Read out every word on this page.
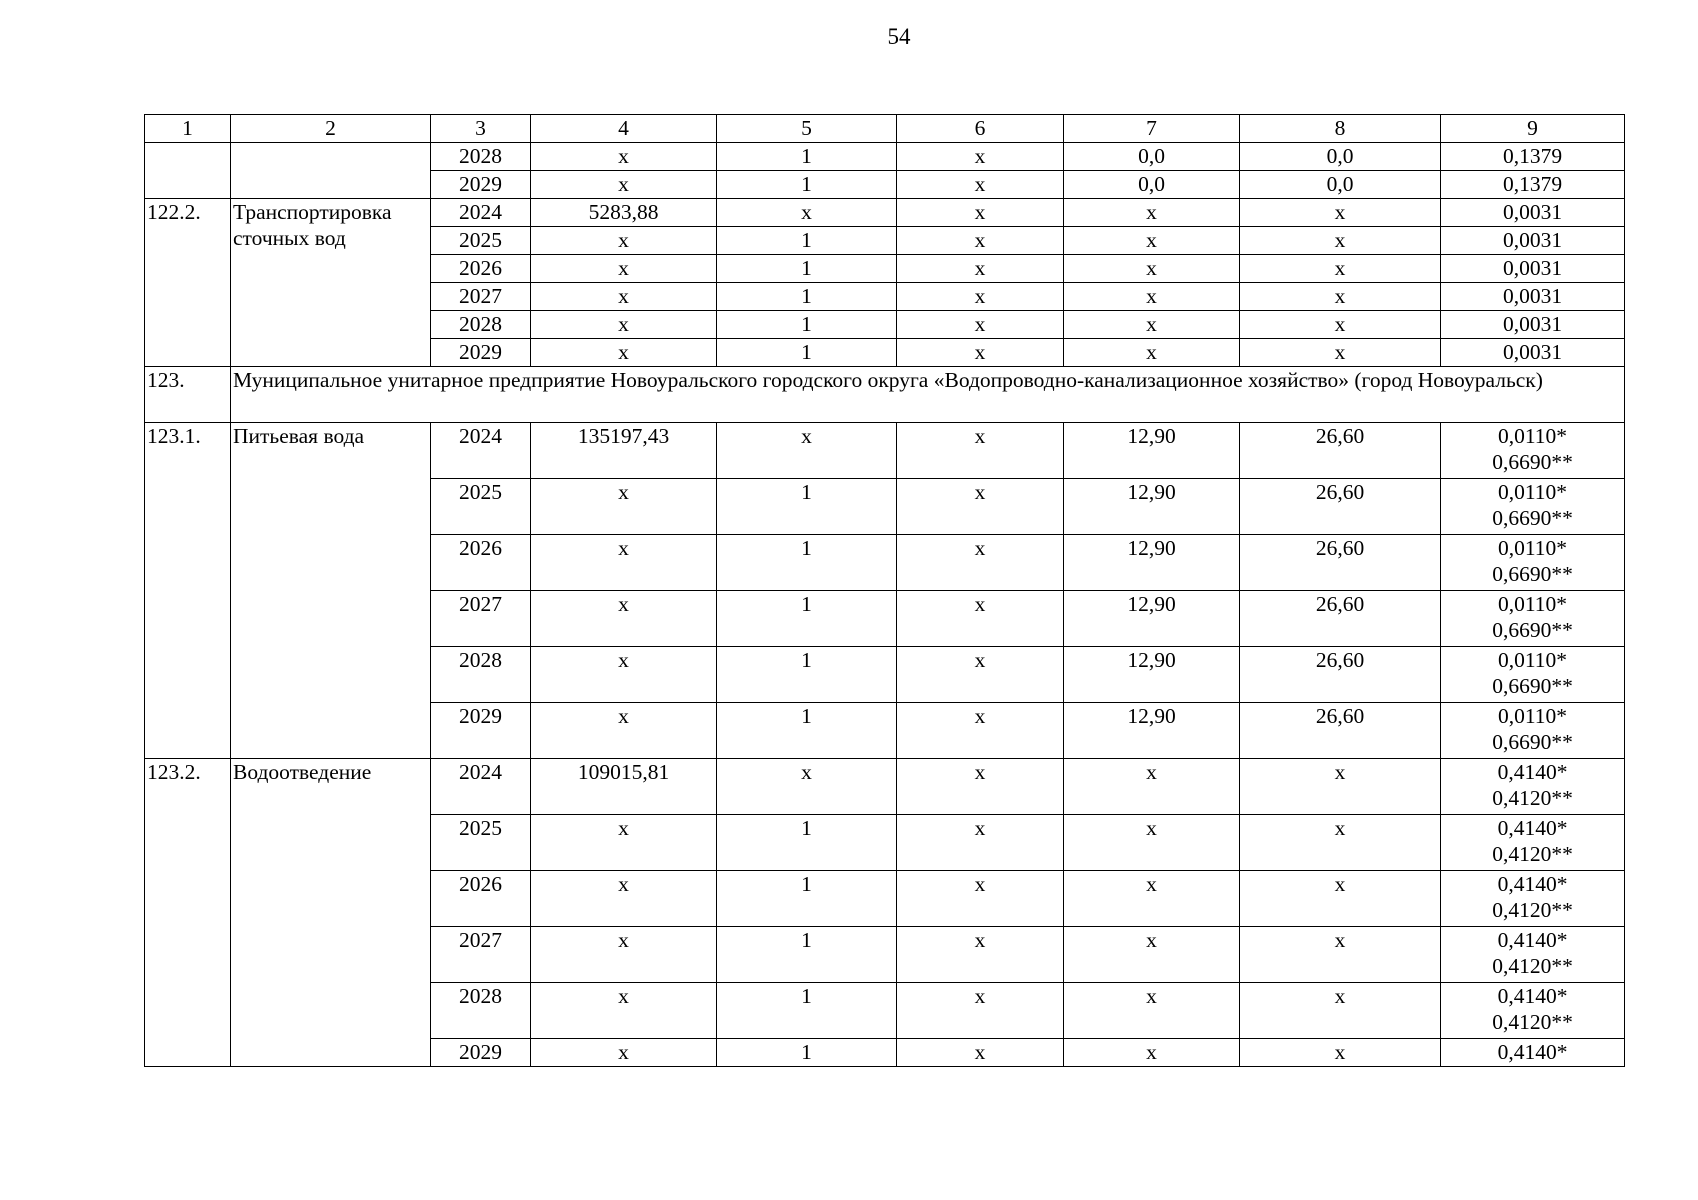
54
1	2	3	4	5	6	7	8	9
		2028	х	1	х	0,0	0,0	0,1379

		2029	х	1	х	0,0	0,0	0,1379

122.2.	Транспортировка сточных вод	2024	5283,88	х	х	х	х	0,0031

		2025	х	1	х	х	х	0,0031

		2026	х	1	х	х	х	0,0031

		2027	х	1	х	х	х	0,0031

		2028	х	1	х	х	х	0,0031

		2029	х	1	х	х	х	0,0031

123.	Муниципальное унитарное предприятие Новоуральского городского округа «Водопроводно-канализационное хозяйство» (город Новоуральск)							
123.1.	Питьевая вода	2024	135197,43	х	х	12,90	26,60	0,0110*
0,6690**

		2025	х	1	х	12,90	26,60	0,0110*
0,6690**

		2026	х	1	х	12,90	26,60	0,0110*
0,6690**

		2027	х	1	х	12,90	26,60	0,0110*
0,6690**

		2028	х	1	х	12,90	26,60	0,0110*
0,6690**

		2029	х	1	х	12,90	26,60	0,0110*
0,6690**

123.2.	Водоотведение	2024	109015,81	х	х	х	х	0,4140*
0,4120**

		2025	х	1	х	х	х	0,4140*
0,4120**

		2026	х	1	х	х	х	0,4140*
0,4120**

		2027	х	1	х	х	х	0,4140*
0,4120**

		2028	х	1	х	х	х	0,4140*
0,4120**

		2029	х	1	х	х	х	0,4140*
